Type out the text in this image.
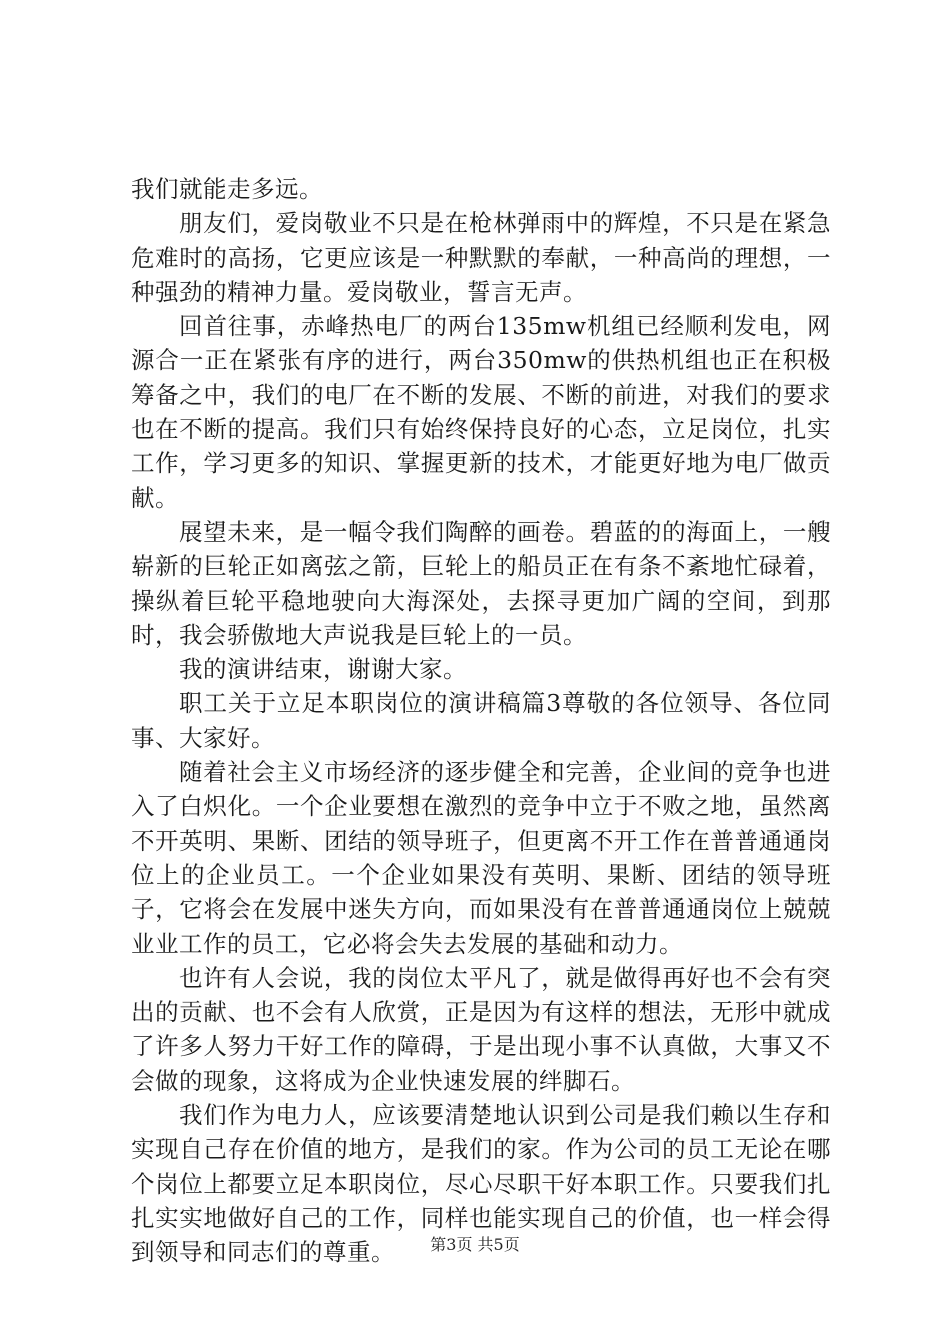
我们就能走多远。

朋友们，爱岗敬业不只是在枪林弹雨中的辉煌，不只是在紧急危难时的高扬，它更应该是一种默默的奉献，一种高尚的理想，一种强劲的精神力量。爱岗敬业，誓言无声。

回首往事，赤峰热电厂的两台135mw机组已经顺利发电，网源合一正在紧张有序的进行，两台350mw的供热机组也正在积极筹备之中，我们的电厂在不断的发展、不断的前进，对我们的要求也在不断的提高。我们只有始终保持良好的心态，立足岗位，扎实工作，学习更多的知识、掌握更新的技术，才能更好地为电厂做贡献。

展望未来，是一幅令我们陶醉的画卷。碧蓝的的海面上，一艘崭新的巨轮正如离弦之箭，巨轮上的船员正在有条不紊地忙碌着，操纵着巨轮平稳地驶向大海深处，去探寻更加广阔的空间，到那时，我会骄傲地大声说我是巨轮上的一员。

我的演讲结束，谢谢大家。

职工关于立足本职岗位的演讲稿篇3尊敬的各位领导、各位同事、大家好。

随着社会主义市场经济的逐步健全和完善，企业间的竞争也进入了白炽化。一个企业要想在激烈的竞争中立于不败之地，虽然离不开英明、果断、团结的领导班子，但更离不开工作在普普通通岗位上的企业员工。一个企业如果没有英明、果断、团结的领导班子，它将会在发展中迷失方向，而如果没有在普普通通岗位上兢兢业业工作的员工，它必将会失去发展的基础和动力。

也许有人会说，我的岗位太平凡了，就是做得再好也不会有突出的贡献、也不会有人欣赏，正是因为有这样的想法，无形中就成了许多人努力干好工作的障碍，于是出现小事不认真做，大事又不会做的现象，这将成为企业快速发展的绊脚石。

我们作为电力人，应该要清楚地认识到公司是我们赖以生存和实现自己存在价值的地方，是我们的家。作为公司的员工无论在哪个岗位上都要立足本职岗位，尽心尽职干好本职工作。只要我们扎扎实实地做好自己的工作，同样也能实现自己的价值，也一样会得到领导和同志们的尊重。	第3页 共5页
